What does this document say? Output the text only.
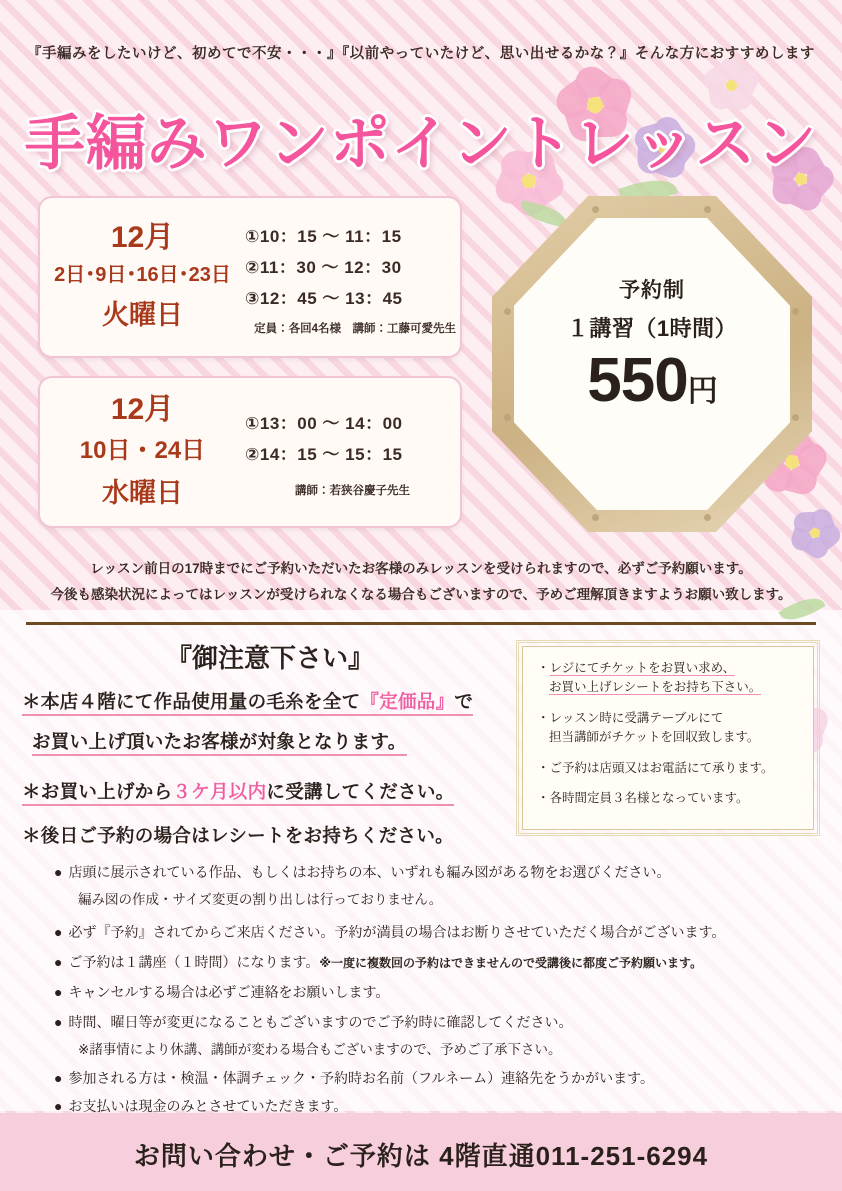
『手編みをしたいけど、初めてで不安・・・』『以前やっていたけど、思い出せるかな？』そんな方におすすめします
手編みワンポイントレッスン
12月
2日･9日･16日･23日
火曜日
①10：15 ～ 11：15
②11：30 ～ 12：30
③12：45 ～ 13：45
定員：各回4名様　講師：工藤可愛先生
12月
10日・24日
水曜日
①13：00 ～ 14：00
②14：15 ～ 15：15
講師：若狭谷慶子先生
予約制
１講習（1時間）
550円
レッスン前日の17時までにご予約いただいたお客様のみレッスンを受けられますので、必ずご予約願います。
今後も感染状況によってはレッスンが受けられなくなる場合もございますので、予めご理解頂きますようお願い致します。
『御注意下さい』
＊本店４階にて作品使用量の毛糸を全て『定価品』で
お買い上げ頂いたお客様が対象となります。
＊お買い上げから３ケ月以内に受講してください。
＊後日ご予約の場合はレシートをお持ちください。
・レジにてチケットをお買い求め、
お買い上げレシートをお持ち下さい。
・レッスン時に受講テーブルにて
担当講師がチケットを回収致します。
・ご予約は店頭又はお電話にて承ります。
・各時間定員３名様となっています。
● 店頭に展示されている作品、もしくはお持ちの本、いずれも編み図がある物をお選びください。
編み図の作成・サイズ変更の割り出しは行っておりません。
● 必ず『予約』されてからご来店ください。予約が満員の場合はお断りさせていただく場合がございます。
● ご予約は１講座（１時間）になります。※一度に複数回の予約はできませんので受講後に都度ご予約願います。
● キャンセルする場合は必ずご連絡をお願いします。
● 時間、曜日等が変更になることもございますのでご予約時に確認してください。
※諸事情により休講、講師が変わる場合もございますので、予めご了承下さい。
● 参加される方は・検温・体調チェック・予約時お名前（フルネーム）連絡先をうかがいます。
● お支払いは現金のみとさせていただきます。
お問い合わせ・ご予約は 4階直通011-251-6294
